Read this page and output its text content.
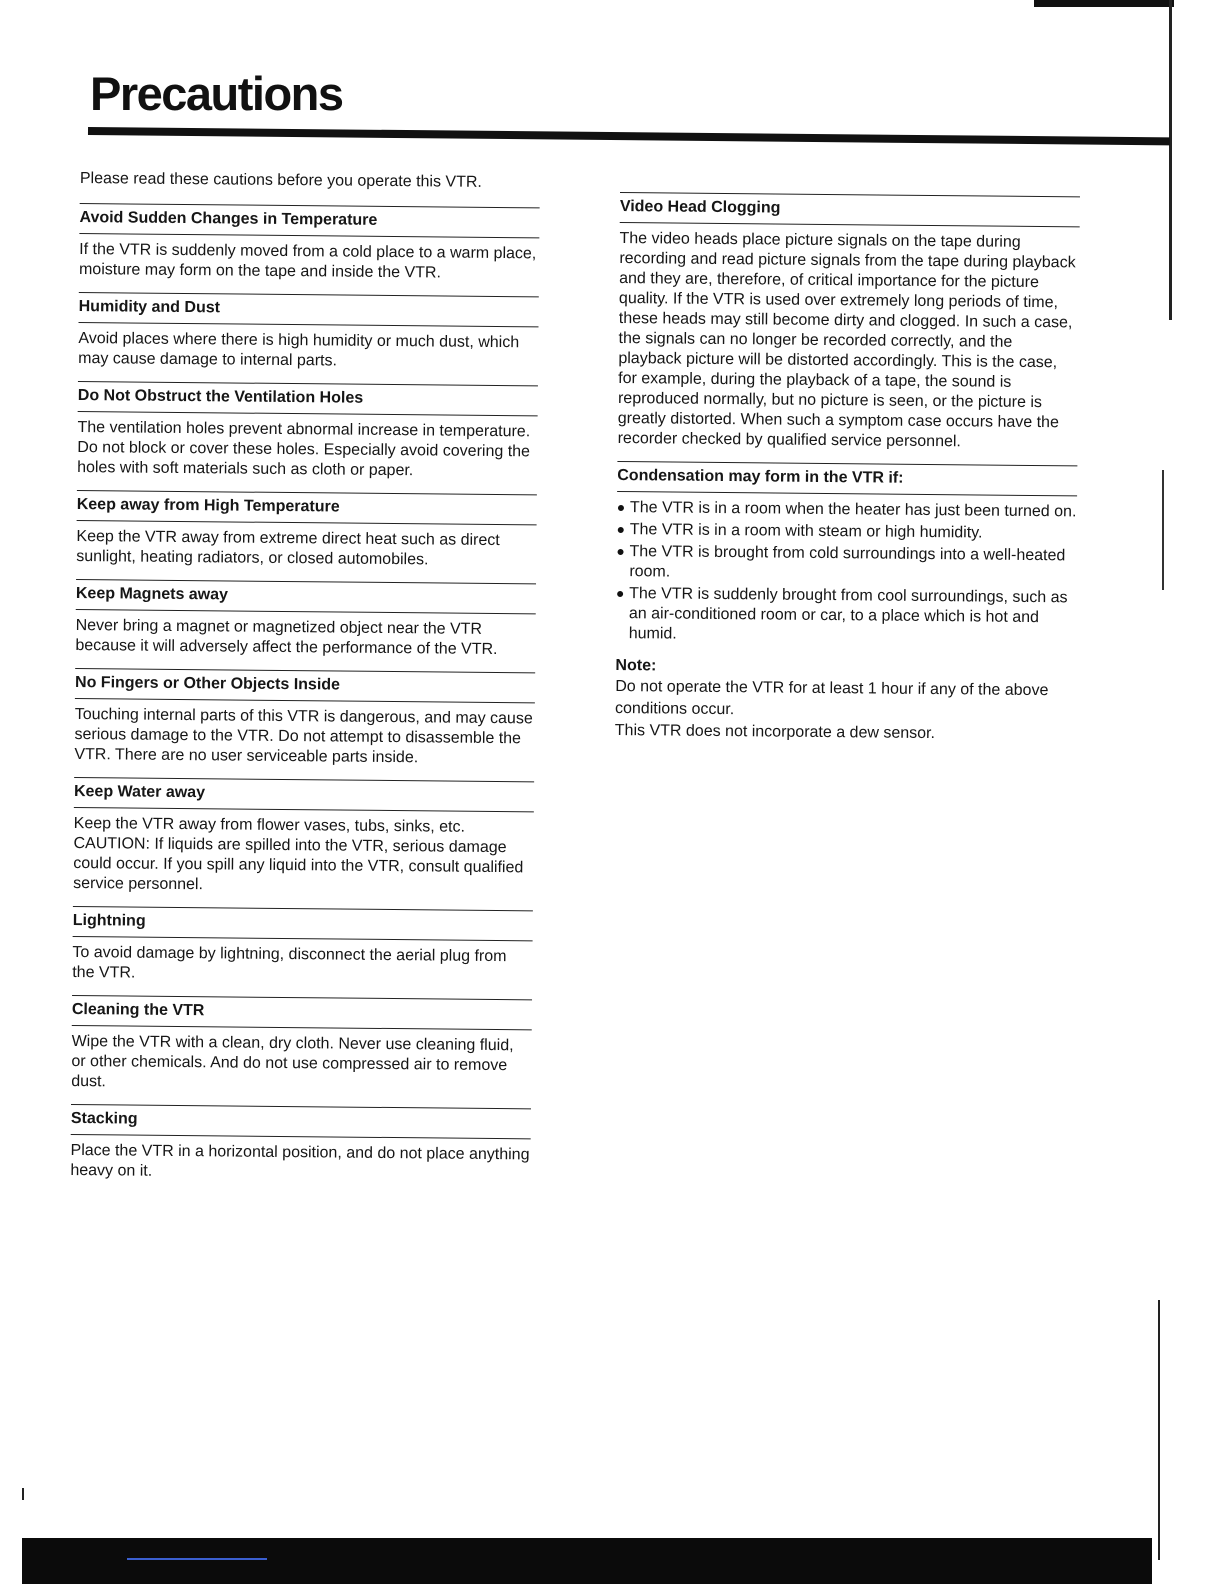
Precautions

Please read these cautions before you operate this VTR.

Avoid Sudden Changes in Temperature

If the VTR is suddenly moved from a cold place to a warm place, moisture may form on the tape and inside the VTR.

Humidity and Dust

Avoid places where there is high humidity or much dust, which may cause damage to internal parts.

Do Not Obstruct the Ventilation Holes

The ventilation holes prevent abnormal increase in temperature. Do not block or cover these holes. Especially avoid covering the holes with soft materials such as cloth or paper.

Keep away from High Temperature

Keep the VTR away from extreme direct heat such as direct sunlight, heating radiators, or closed automobiles.

Keep Magnets away

Never bring a magnet or magnetized object near the VTR because it will adversely affect the performance of the VTR.

No Fingers or Other Objects Inside

Touching internal parts of this VTR is dangerous, and may cause serious damage to the VTR. Do not attempt to disassemble the VTR. There are no user serviceable parts inside.

Keep Water away

Keep the VTR away from flower vases, tubs, sinks, etc. CAUTION: If liquids are spilled into the VTR, serious damage could occur. If you spill any liquid into the VTR, consult qualified service personnel.

Lightning

To avoid damage by lightning, disconnect the aerial plug from the VTR.

Cleaning the VTR

Wipe the VTR with a clean, dry cloth. Never use cleaning fluid, or other chemicals. And do not use compressed air to remove dust.

Stacking

Place the VTR in a horizontal position, and do not place anything heavy on it.

Video Head Clogging

The video heads place picture signals on the tape during recording and read picture signals from the tape during playback and they are, therefore, of critical importance for the picture quality. If the VTR is used over extremely long periods of time, these heads may still become dirty and clogged. In such a case, the signals can no longer be recorded correctly, and the playback picture will be distorted accordingly. This is the case, for example, during the playback of a tape, the sound is reproduced normally, but no picture is seen, or the picture is greatly distorted. When such a symptom case occurs have the recorder checked by qualified service personnel.

Condensation may form in the VTR if:
The VTR is in a room when the heater has just been turned on.
The VTR is in a room with steam or high humidity.
The VTR is brought from cold surroundings into a well-heated room.
The VTR is suddenly brought from cool surroundings, such as an air-conditioned room or car, to a place which is hot and humid.
Note:

Do not operate the VTR for at least 1 hour if any of the above conditions occur.

This VTR does not incorporate a dew sensor.
